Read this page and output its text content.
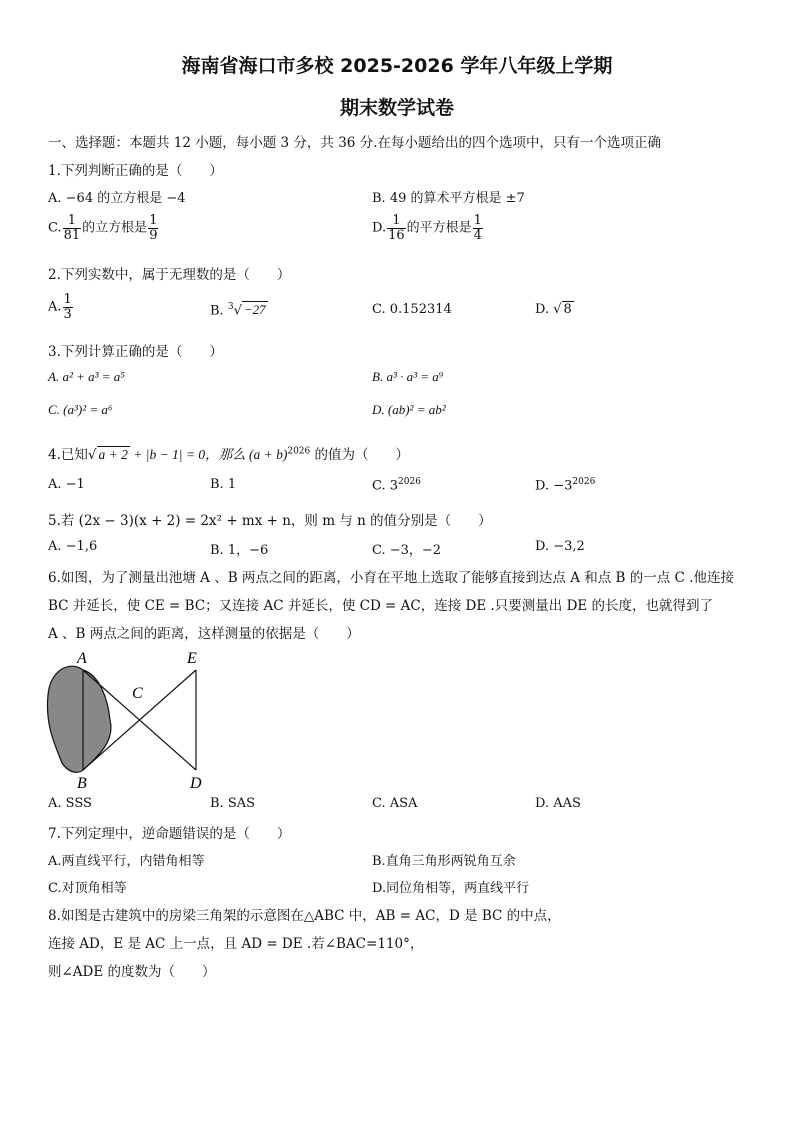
海南省海口市多校 2025-2026 学年八年级上学期
期末数学试卷
一、选择题：本题共 12 小题，每小题 3 分，共 36 分.在每小题给出的四个选项中，只有一个选项正确
1.下列判断正确的是（　　）
A. −64 的立方根是 −4	B. 49 的算术平方根是 ±7
C. $\frac{1}{81}$ 的立方根是 $\frac{1}{9}$	D. $\frac{1}{16}$ 的平方根是 $\frac{1}{4}$
2.下列实数中，属于无理数的是（　　）
A. $\frac{1}{3}$	B. $^3$√ −27	C. 0.152314	D. √ 8
3.下列计算正确的是（　　）
A. a² + a³ = a⁵	B. a³ · a³ = a⁹
C. (a³)² = a⁶	D. (ab)² = ab²
4.已知√ a + 2 + |b − 1| = 0，那么 $(a + b)^{2026}$ 的值为（　　）
A. −1	B. 1	C. $3^{2026}$	D. $-3^{2026}$
5.若 (2x − 3)(x + 2) = 2x² + mx + n，则 m 与 n 的值分别是（　　）
A. −1,6	B. 1，−6	C. −3，−2	D. −3,2
6.如图，为了测量出池塘 A 、B 两点之间的距离，小育在平地上选取了能够直接到达点 A 和点 B 的一点 C .他连接
BC 并延长，使 CE = BC；又连接 AC 并延长，使 CD = AC，连接 DE .只要测量出 DE 的长度，也就得到了
A 、B 两点之间的距离，这样测量的依据是（　　）
A
B
C
D
E
A. SSS	B. SAS	C. ASA	D. AAS
7.下列定理中，逆命题错误的是（　　）
A.两直线平行，内错角相等	B.直角三角形两锐角互余
C.对顶角相等	D.同位角相等，两直线平行
8.如图是古建筑中的房梁三角架的示意图在△ABC 中，AB = AC，D 是 BC 的中点，
连接 AD，E 是 AC 上一点，且 AD = DE .若∠BAC=110°，
则∠ADE 的度数为（　　）
